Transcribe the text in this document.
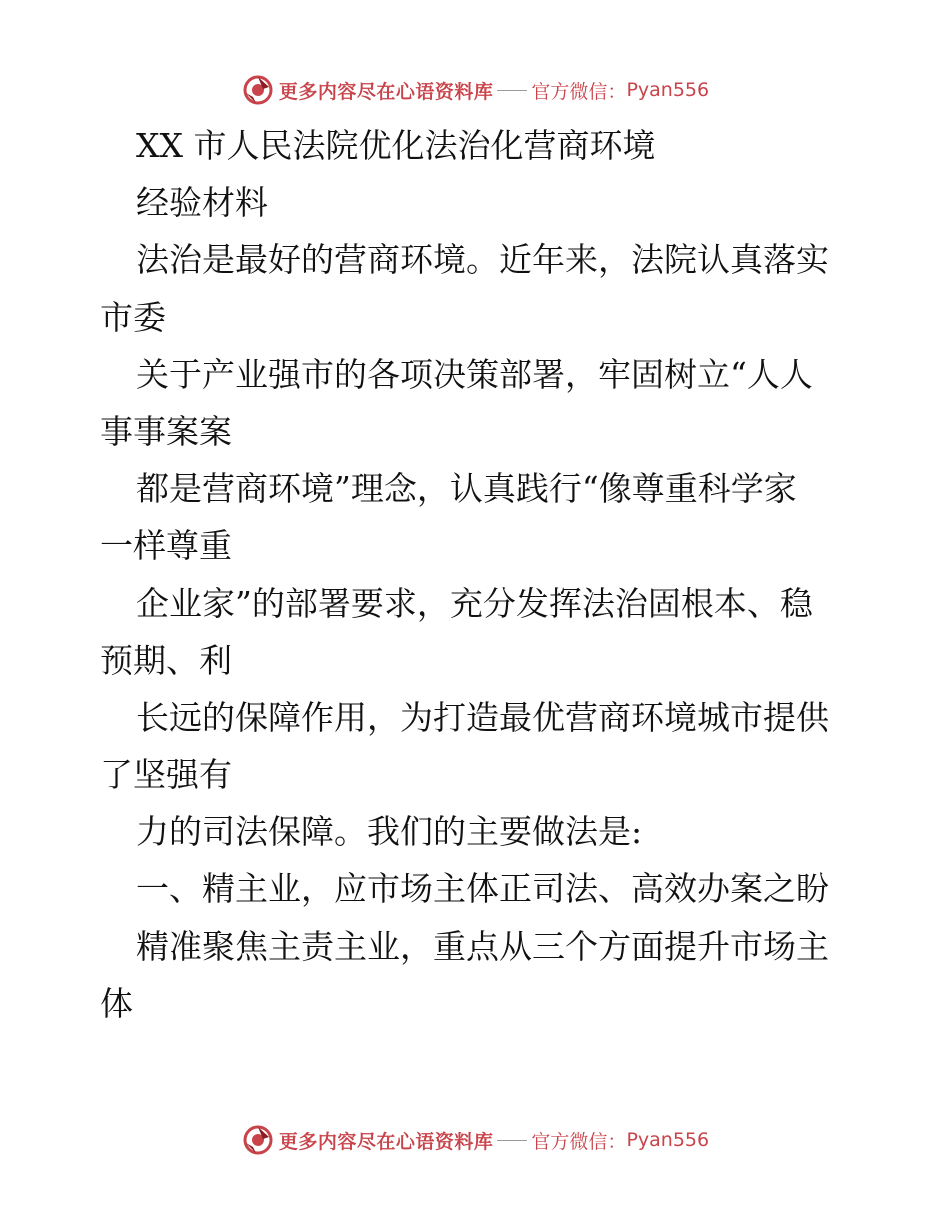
更多内容尽在心语资料库 官方微信： Pyan556
XX 市人民法院优化法治化营商环境
经验材料
法治是最好的营商环境。近年来，法院认真落实
市委
关于产业强市的各项决策部署，牢固树立“人人
事事案案
都是营商环境”理念，认真践行“像尊重科学家
一样尊重
企业家”的部署要求，充分发挥法治固根本、稳
预期、利
长远的保障作用，为打造最优营商环境城市提供
了坚强有
力的司法保障。我们的主要做法是:
一、精主业，应市场主体正司法、高效办案之盼
精准聚焦主责主业，重点从三个方面提升市场主
体
更多内容尽在心语资料库 官方微信： Pyan556
